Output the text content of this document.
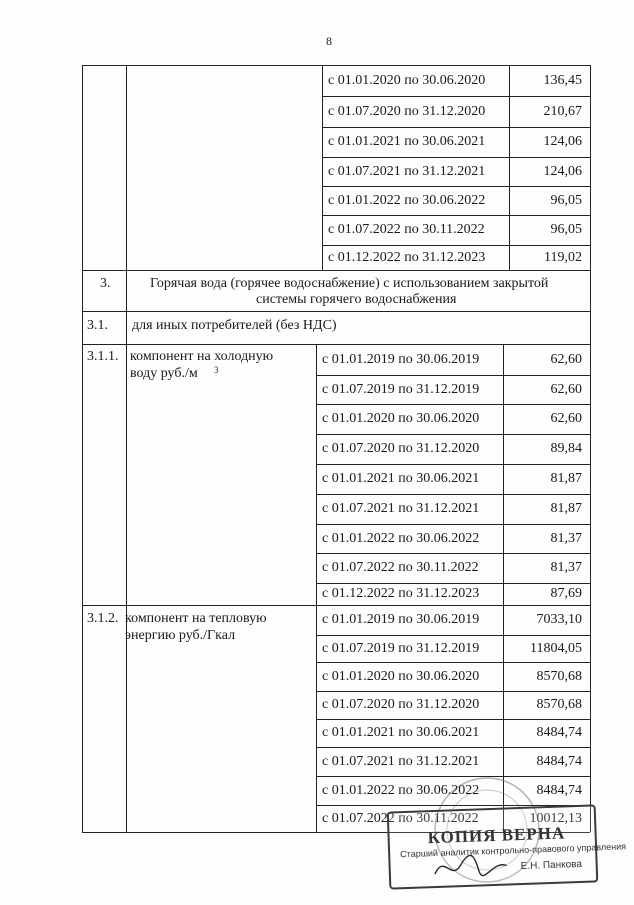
8
с 01.01.2020 по 30.06.2020	136,45
с 01.07.2020 по 31.12.2020	210,67
с 01.01.2021 по 30.06.2021	124,06
с 01.07.2021 по 31.12.2021	124,06
с 01.01.2022 по 30.06.2022	96,05
с 01.07.2022 по 30.11.2022	96,05
с 01.12.2022 по 31.12.2023	119,02
3.	Горячая вода (горячее водоснабжение) с использованием закрытой
системы горячего водоснабжения
3.1. для иных потребителей (без НДС)
3.1.1. компонент на холодную
воду руб./м 3
с 01.01.2019 по 30.06.2019	62,60
с 01.07.2019 по 31.12.2019	62,60
с 01.01.2020 по 30.06.2020	62,60
с 01.07.2020 по 31.12.2020	89,84
с 01.01.2021 по 30.06.2021	81,87
с 01.07.2021 по 31.12.2021	81,87
с 01.01.2022 по 30.06.2022	81,37
с 01.07.2022 по 30.11.2022	81,37
с 01.12.2022 по 31.12.2023	87,69
3.1.2. компонент на тепловую
энергию руб./Гкал
с 01.01.2019 по 30.06.2019	7033,10
с 01.07.2019 по 31.12.2019	11804,05
с 01.01.2020 по 30.06.2020	8570,68
с 01.07.2020 по 31.12.2020	8570,68
с 01.01.2021 по 30.06.2021	8484,74
с 01.07.2021 по 31.12.2021	8484,74
с 01.01.2022 по 30.06.2022	8484,74
с 01.07.2022 по 30.11.2022	10012,13
КОПИЯ ВЕРНА
Старший аналитик контрольно-правового управления
Е.Н. Панкова
